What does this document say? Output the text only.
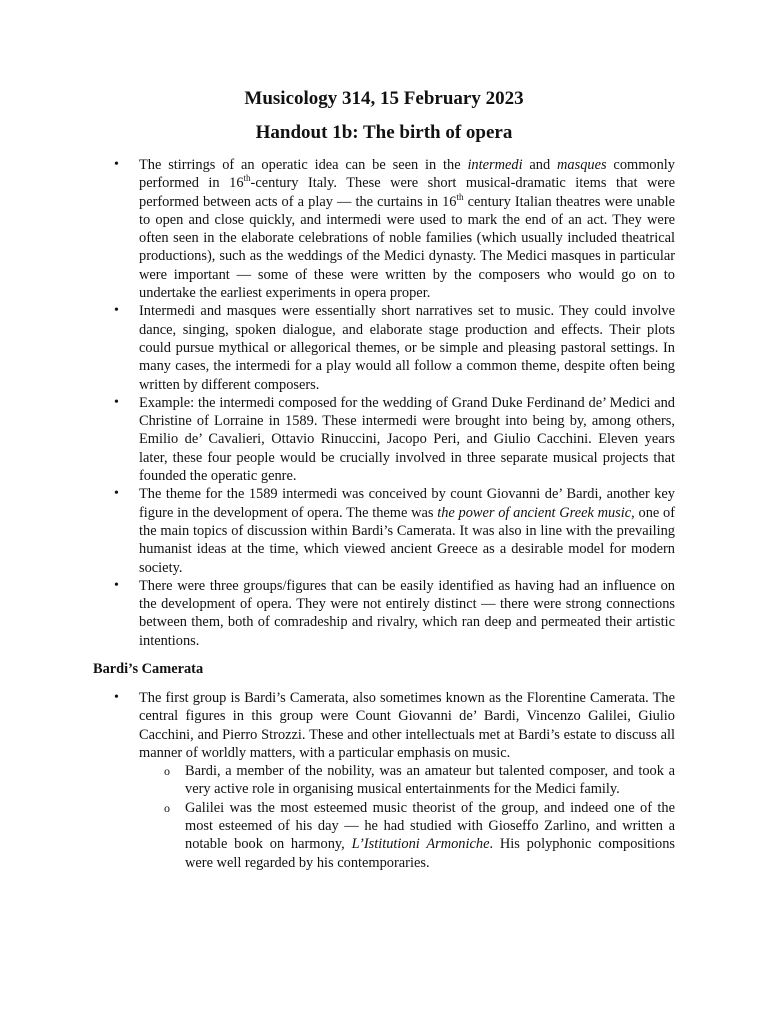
Musicology 314, 15 February 2023
Handout 1b: The birth of opera
• The stirrings of an operatic idea can be seen in the intermedi and masques commonly performed in 16th-century Italy. These were short musical-dramatic items that were performed between acts of a play — the curtains in 16th century Italian theatres were unable to open and close quickly, and intermedi were used to mark the end of an act. They were often seen in the elaborate celebrations of noble families (which usually included theatrical productions), such as the weddings of the Medici dynasty. The Medici masques in particular were important — some of these were written by the composers who would go on to undertake the earliest experiments in opera proper.
• Intermedi and masques were essentially short narratives set to music. They could involve dance, singing, spoken dialogue, and elaborate stage production and effects. Their plots could pursue mythical or allegorical themes, or be simple and pleasing pastoral settings. In many cases, the intermedi for a play would all follow a common theme, despite often being written by different composers.
• Example: the intermedi composed for the wedding of Grand Duke Ferdinand de’ Medici and Christine of Lorraine in 1589. These intermedi were brought into being by, among others, Emilio de’ Cavalieri, Ottavio Rinuccini, Jacopo Peri, and Giulio Cacchini. Eleven years later, these four people would be crucially involved in three separate musical projects that founded the operatic genre.
• The theme for the 1589 intermedi was conceived by count Giovanni de’ Bardi, another key figure in the development of opera. The theme was the power of ancient Greek music, one of the main topics of discussion within Bardi’s Camerata. It was also in line with the prevailing humanist ideas at the time, which viewed ancient Greece as a desirable model for modern society.
• There were three groups/figures that can be easily identified as having had an influence on the development of opera. They were not entirely distinct — there were strong connections between them, both of comradeship and rivalry, which ran deep and permeated their artistic intentions.
Bardi’s Camerata
• The first group is Bardi’s Camerata, also sometimes known as the Florentine Camerata. The central figures in this group were Count Giovanni de’ Bardi, Vincenzo Galilei, Giulio Cacchini, and Pierro Strozzi. These and other intellectuals met at Bardi’s estate to discuss all manner of worldly matters, with a particular emphasis on music.
o Bardi, a member of the nobility, was an amateur but talented composer, and took a very active role in organising musical entertainments for the Medici family.
o Galilei was the most esteemed music theorist of the group, and indeed one of the most esteemed of his day — he had studied with Gioseffo Zarlino, and written a notable book on harmony, L’Istitutioni Armoniche. His polyphonic compositions were well regarded by his contemporaries.
